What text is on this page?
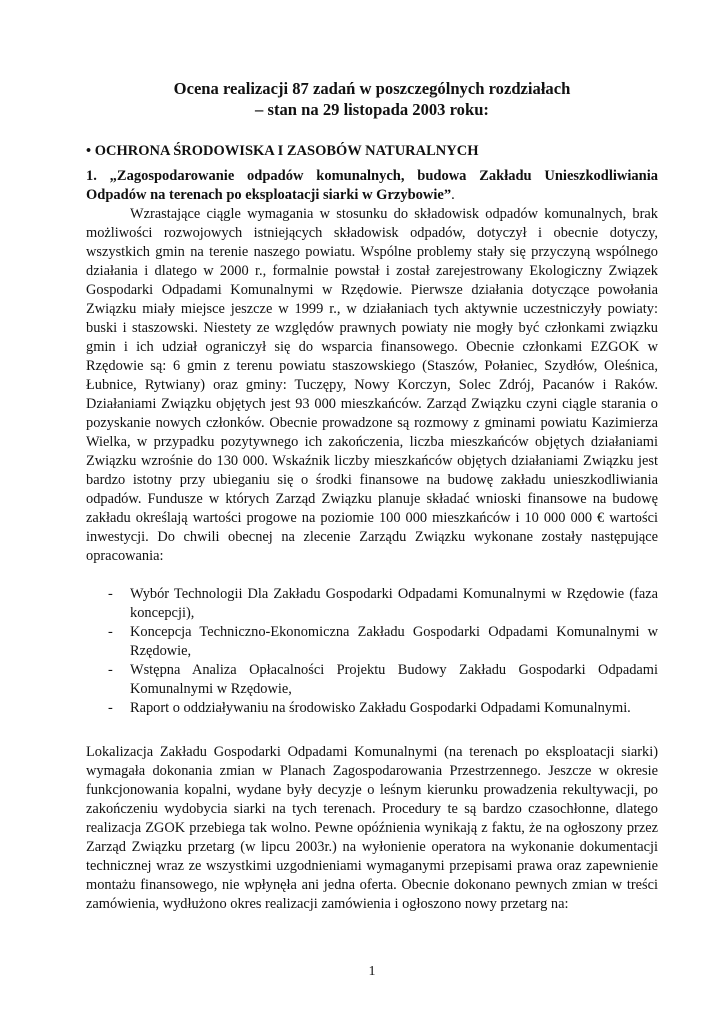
Ocena realizacji 87 zadań w poszczególnych rozdziałach
– stan na 29 listopada 2003 roku:

• OCHRONA ŚRODOWISKA I ZASOBÓW NATURALNYCH

1. „Zagospodarowanie odpadów komunalnych, budowa Zakładu Unieszkodliwiania Odpadów na terenach po eksploatacji siarki w Grzybowie”.

Wzrastające ciągle wymagania w stosunku do składowisk odpadów komunalnych, brak możliwości rozwojowych istniejących składowisk odpadów, dotyczył i obecnie dotyczy, wszystkich gmin na terenie naszego powiatu. Wspólne problemy stały się przyczyną wspólnego działania i dlatego w 2000 r., formalnie powstał i został zarejestrowany Ekologiczny Związek Gospodarki Odpadami Komunalnymi w Rzędowie. Pierwsze działania dotyczące powołania Związku miały miejsce jeszcze w 1999 r., w działaniach tych aktywnie uczestniczyły powiaty: buski i staszowski. Niestety ze względów prawnych powiaty nie mogły być członkami związku gmin i ich udział ograniczył się do wsparcia finansowego. Obecnie członkami EZGOK w Rzędowie są: 6 gmin z terenu powiatu staszowskiego (Staszów, Połaniec, Szydłów, Oleśnica, Łubnice, Rytwiany) oraz gminy: Tuczępy, Nowy Korczyn, Solec Zdrój, Pacanów i Raków. Działaniami Związku objętych jest 93 000 mieszkańców. Zarząd Związku czyni ciągle starania o pozyskanie nowych członków. Obecnie prowadzone są rozmowy z gminami powiatu Kazimierza Wielka, w przypadku pozytywnego ich zakończenia, liczba mieszkańców objętych działaniami Związku wzrośnie do 130 000. Wskaźnik liczby mieszkańców objętych działaniami Związku jest bardzo istotny przy ubieganiu się o środki finansowe na budowę zakładu unieszkodliwiania odpadów. Fundusze w których Zarząd Związku planuje składać wnioski finansowe na budowę zakładu określają wartości progowe na poziomie 100 000 mieszkańców i 10 000 000 € wartości inwestycji. Do chwili obecnej na zlecenie Zarządu Związku wykonane zostały następujące opracowania:

- Wybór Technologii Dla Zakładu Gospodarki Odpadami Komunalnymi w Rzędowie (faza koncepcji),
- Koncepcja Techniczno-Ekonomiczna Zakładu Gospodarki Odpadami Komunalnymi w Rzędowie,
- Wstępna Analiza Opłacalności Projektu Budowy Zakładu Gospodarki Odpadami Komunalnymi w Rzędowie,
- Raport o oddziaływaniu na środowisko Zakładu Gospodarki Odpadami Komunalnymi.

Lokalizacja Zakładu Gospodarki Odpadami Komunalnymi (na terenach po eksploatacji siarki) wymagała dokonania zmian w Planach Zagospodarowania Przestrzennego. Jeszcze w okresie funkcjonowania kopalni, wydane były decyzje o leśnym kierunku prowadzenia rekultywacji, po zakończeniu wydobycia siarki na tych terenach. Procedury te są bardzo czasochłonne, dlatego realizacja ZGOK przebiega tak wolno. Pewne opóźnienia wynikają z faktu, że na ogłoszony przez Zarząd Związku przetarg (w lipcu 2003r.) na wyłonienie operatora na wykonanie dokumentacji technicznej wraz ze wszystkimi uzgodnieniami wymaganymi przepisami prawa oraz zapewnienie montażu finansowego, nie wpłynęła ani jedna oferta. Obecnie dokonano pewnych zmian w treści zamówienia, wydłużono okres realizacji zamówienia i ogłoszono nowy przetarg na:

1
